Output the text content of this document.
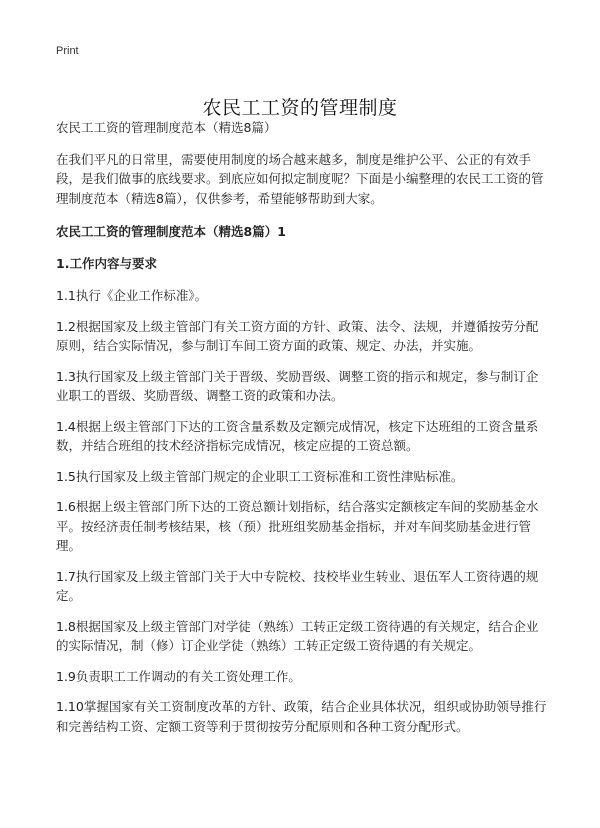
Print
农民工工资的管理制度

农民工工资的管理制度范本（精选8篇）

在我们平凡的日常里，需要使用制度的场合越来越多，制度是维护公平、公正的有效手段，是我们做事的底线要求。到底应如何拟定制度呢？下面是小编整理的农民工工资的管理制度范本（精选8篇），仅供参考，希望能够帮助到大家。

农民工工资的管理制度范本（精选8篇）1

1.工作内容与要求

1.1执行《企业工作标准》。

1.2根据国家及上级主管部门有关工资方面的方针、政策、法令、法规，并遵循按劳分配原则，结合实际情况，参与制订车间工资方面的政策、规定、办法，并实施。

1.3执行国家及上级主管部门关于晋级、奖励晋级、调整工资的指示和规定，参与制订企业职工的晋级、奖励晋级、调整工资的政策和办法。

1.4根据上级主管部门下达的工资含量系数及定额完成情况，核定下达班组的工资含量系数，并结合班组的技术经济指标完成情况，核定应提的工资总额。

1.5执行国家及上级主管部门规定的企业职工工资标准和工资性津贴标准。

1.6根据上级主管部门所下达的工资总额计划指标，结合落实定额核定车间的奖励基金水平。按经济责任制考核结果，核（预）批班组奖励基金指标，并对车间奖励基金进行管理。

1.7执行国家及上级主管部门关于大中专院校、技校毕业生转业、退伍军人工资待遇的规定。

1.8根据国家及上级主管部门对学徒（熟练）工转正定级工资待遇的有关规定，结合企业的实际情况，制（修）订企业学徒（熟练）工转正定级工资待遇的有关规定。

1.9负责职工工作调动的有关工资处理工作。

1.10掌握国家有关工资制度改革的方针、政策，结合企业具体状况，组织或协助领导推行和完善结构工资、定额工资等利于贯彻按劳分配原则和各种工资分配形式。
